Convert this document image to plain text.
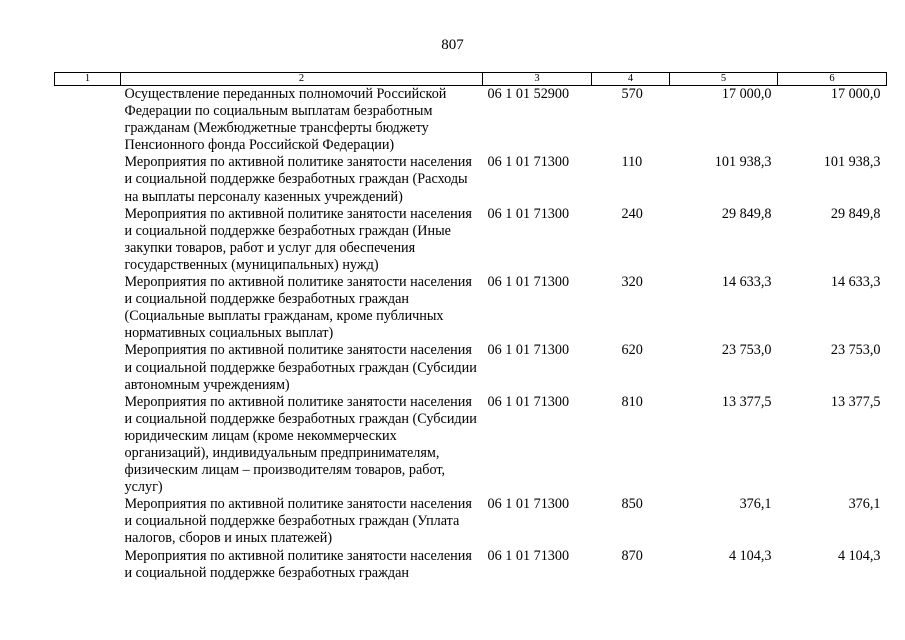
807
1	2	3	4	5	6
	Осуществление переданных полномочий Российской Федерации по социальным выплатам безработным гражданам (Межбюджетные трансферты бюджету Пенсионного фонда Российской Федерации)	06 1 01 52900	570	17 000,0	17 000,0
	Мероприятия по активной политике занятости населения и социальной поддержке безработных граждан (Расходы на выплаты персоналу казенных учреждений)	06 1 01 71300	110	101 938,3	101 938,3
	Мероприятия по активной политике занятости населения и социальной поддержке безработных граждан (Иные закупки товаров, работ и услуг для обеспечения государственных (муниципальных) нужд)	06 1 01 71300	240	29 849,8	29 849,8
	Мероприятия по активной политике занятости населения и социальной поддержке безработных граждан (Социальные выплаты гражданам, кроме публичных нормативных социальных выплат)	06 1 01 71300	320	14 633,3	14 633,3
	Мероприятия по активной политике занятости населения и социальной поддержке безработных граждан (Субсидии автономным учреждениям)	06 1 01 71300	620	23 753,0	23 753,0
	Мероприятия по активной политике занятости населения и социальной поддержке безработных граждан (Субсидии юридическим лицам (кроме некоммерческих организаций), индивидуальным предпринимателям, физическим лицам – производителям товаров, работ, услуг)	06 1 01 71300	810	13 377,5	13 377,5
	Мероприятия по активной политике занятости населения и социальной поддержке безработных граждан (Уплата налогов, сборов и иных платежей)	06 1 01 71300	850	376,1	376,1
	Мероприятия по активной политике занятости населения и социальной поддержке безработных граждан	06 1 01 71300	870	4 104,3	4 104,3
